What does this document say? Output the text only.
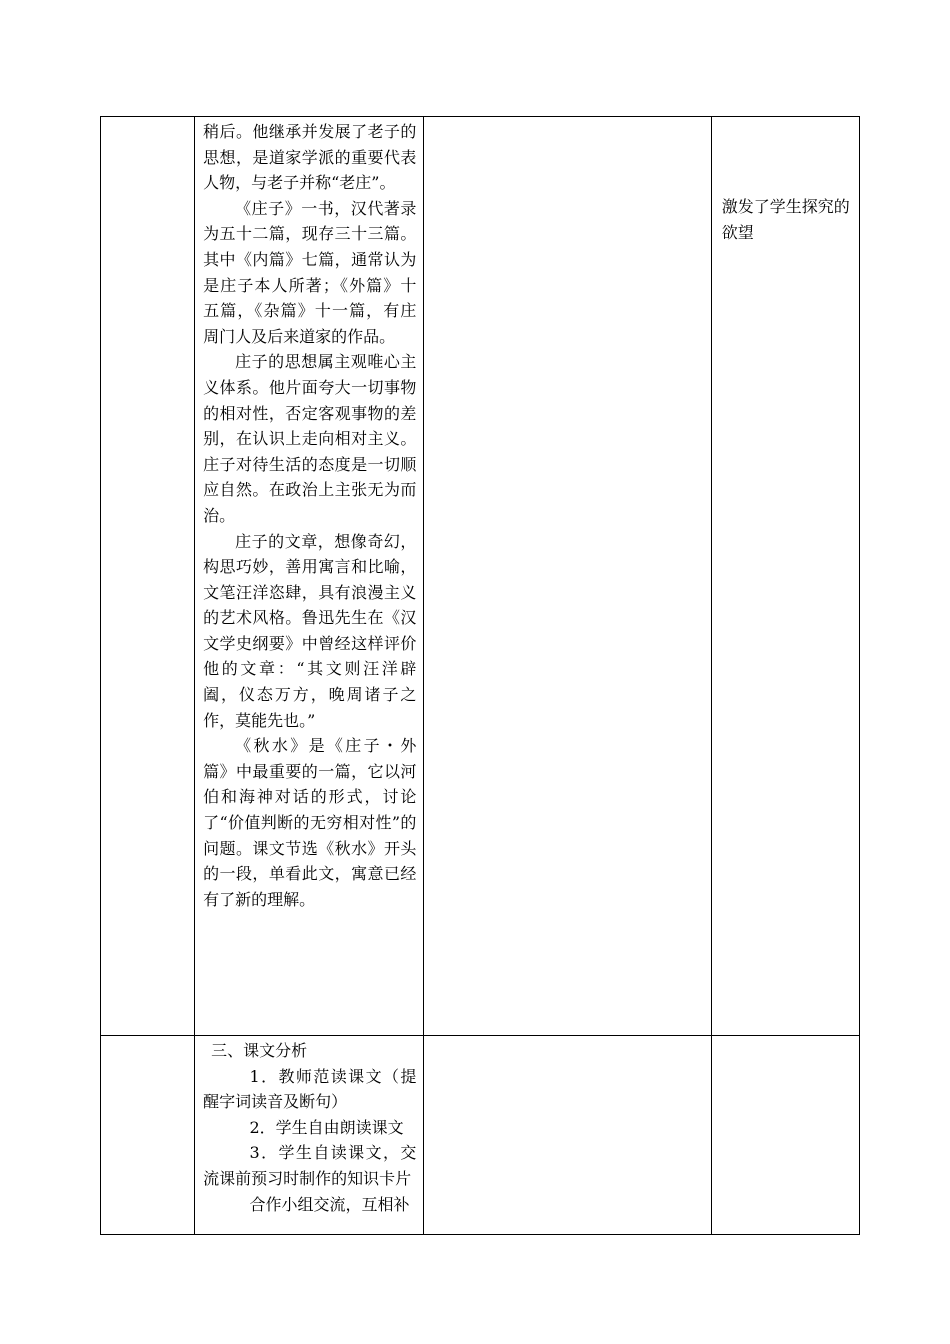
	稍后。他继承并发展了老子的思想，是道家学派的重要代表人物，与老子并称“老庄”。

《庄子》一书，汉代著录为五十二篇，现存三十三篇。其中《内篇》七篇，通常认为是庄子本人所著；《外篇》十五篇，《杂篇》十一篇，有庄周门人及后来道家的作品。

庄子的思想属主观唯心主义体系。他片面夸大一切事物的相对性，否定客观事物的差 别，在认识上走向相对主义。庄子对待生活的态度是一切顺应自然。在政治上主张无为而 治。

庄子的文章，想像奇幻，构思巧妙，善用寓言和比喻，文笔汪洋恣肆，具有浪漫主义的艺术风格。鲁迅先生在《汉文学史纲要》中曾经这样评价他的文章：“其文则汪洋辟阖，仪态万方，晚周诸子之作，莫能先也。”

《秋水》是《庄子・外篇》中最重要的一篇，它以河伯和海神对话的形式，讨论了“价值判断的无穷相对性”的问题。课文节选《秋水》开头的一段，单看此文，寓意已经有了新的理解。		激发了学生探究的欲望

	三、课文分析

1．教师范读课文（提醒字词读音及断句）

2．学生自由朗读课文

3．学生自读课文，交流课前预习时制作的知识卡片

合作小组交流，互相补		
